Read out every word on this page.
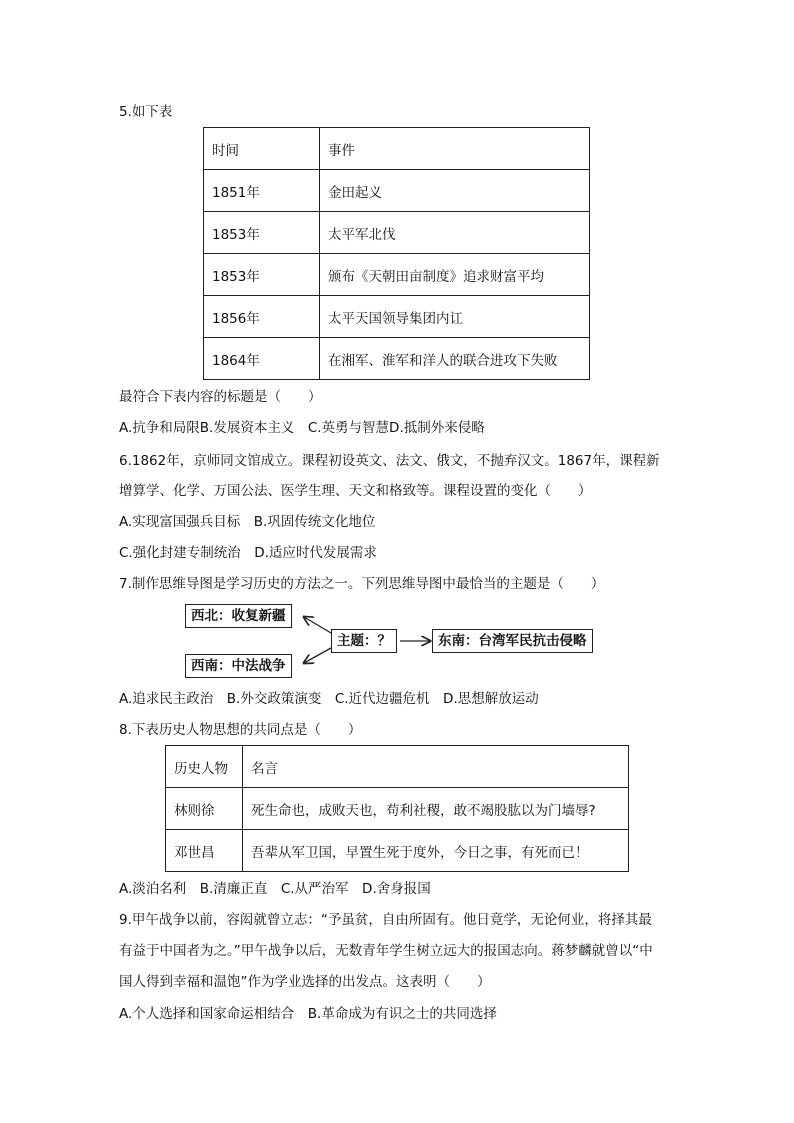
5.如下表
时间	事件
1851年	金田起义
1853年	太平军北伐
1853年	颁布《天朝田亩制度》追求财富平均
1856年	太平天国领导集团内讧
1864年	在湘军、淮军和洋人的联合进攻下失败
最符合下表内容的标题是（　　）
A.抗争和局限B.发展资本主义　C.英勇与智慧D.抵制外来侵略
6.1862年，京师同文馆成立。课程初设英文、法文、俄文，不抛弃汉文。1867年，课程新
增算学、化学、万国公法、医学生理、天文和格致等。课程设置的变化（　　）
A.实现富国强兵目标　B.巩固传统文化地位
C.强化封建专制统治　D.适应时代发展需求
7.制作思维导图是学习历史的方法之一。下列思维导图中最恰当的主题是（　　）
西北：收复新疆
主题：？
西南：中法战争
东南：台湾军民抗击侵略
A.追求民主政治　B.外交政策演变　C.近代边疆危机　D.思想解放运动
8.下表历史人物思想的共同点是（　　）
历史人物	名言
林则徐	死生命也，成败天也，苟利社稷，敢不竭股肱以为门墙辱?
邓世昌	吾辈从军卫国，早置生死于度外，今日之事，有死而已！
A.淡泊名利　B.清廉正直　C.从严治军　D.舍身报国
9.甲午战争以前，容闳就曾立志：“予虽贫，自由所固有。他日竟学，无论何业，将择其最
有益于中国者为之。”甲午战争以后，无数青年学生树立远大的报国志向。蒋梦麟就曾以“中
国人得到幸福和温饱”作为学业选择的出发点。这表明（　　）
A.个人选择和国家命运相结合　B.革命成为有识之士的共同选择
